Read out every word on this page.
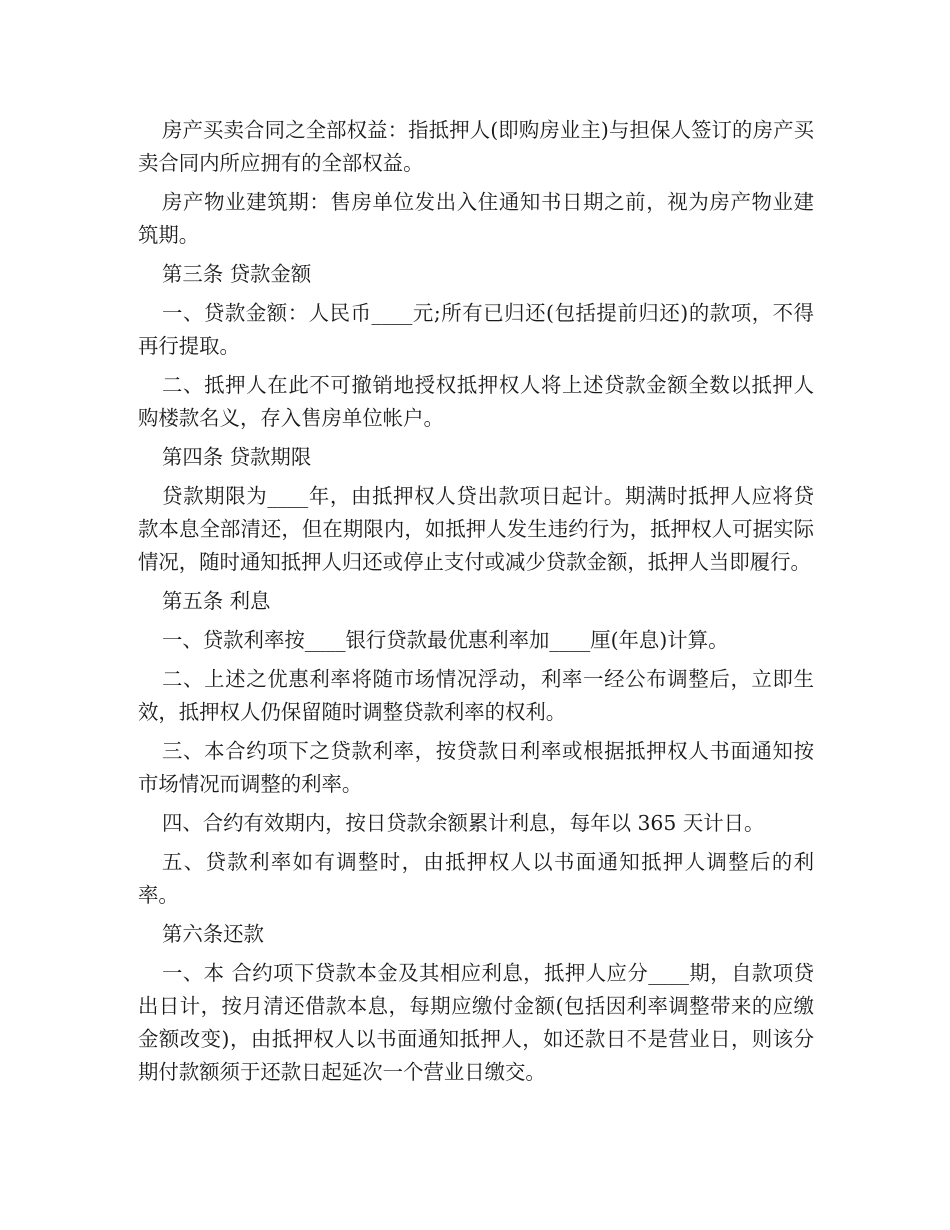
房产买卖合同之全部权益：指抵押人(即购房业主)与担保人签订的房产买卖合同内所应拥有的全部权益。

房产物业建筑期：售房单位发出入住通知书日期之前，视为房产物业建筑期。

第三条 贷款金额

一、贷款金额：人民币____元;所有已归还(包括提前归还)的款项，不得再行提取。

二、抵押人在此不可撤销地授权抵押权人将上述贷款金额全数以抵押人购楼款名义，存入售房单位帐户。

第四条 贷款期限

贷款期限为____年，由抵押权人贷出款项日起计。期满时抵押人应将贷款本息全部清还，但在期限内，如抵押人发生违约行为，抵押权人可据实际情况，随时通知抵押人归还或停止支付或减少贷款金额，抵押人当即履行。

第五条 利息

一、贷款利率按____银行贷款最优惠利率加____厘(年息)计算。

二、上述之优惠利率将随市场情况浮动，利率一经公布调整后，立即生效，抵押权人仍保留随时调整贷款利率的权利。

三、本合约项下之贷款利率，按贷款日利率或根据抵押权人书面通知按市场情况而调整的利率。

四、合约有效期内，按日贷款余额累计利息，每年以 365 天计日。

五、贷款利率如有调整时，由抵押权人以书面通知抵押人调整后的利率。

第六条还款

一、本 合约项下贷款本金及其相应利息，抵押人应分____期，自款项贷出日计，按月清还借款本息，每期应缴付金额(包括因利率调整带来的应缴金额改变)，由抵押权人以书面通知抵押人，如还款日不是营业日，则该分期付款额须于还款日起延次一个营业日缴交。
